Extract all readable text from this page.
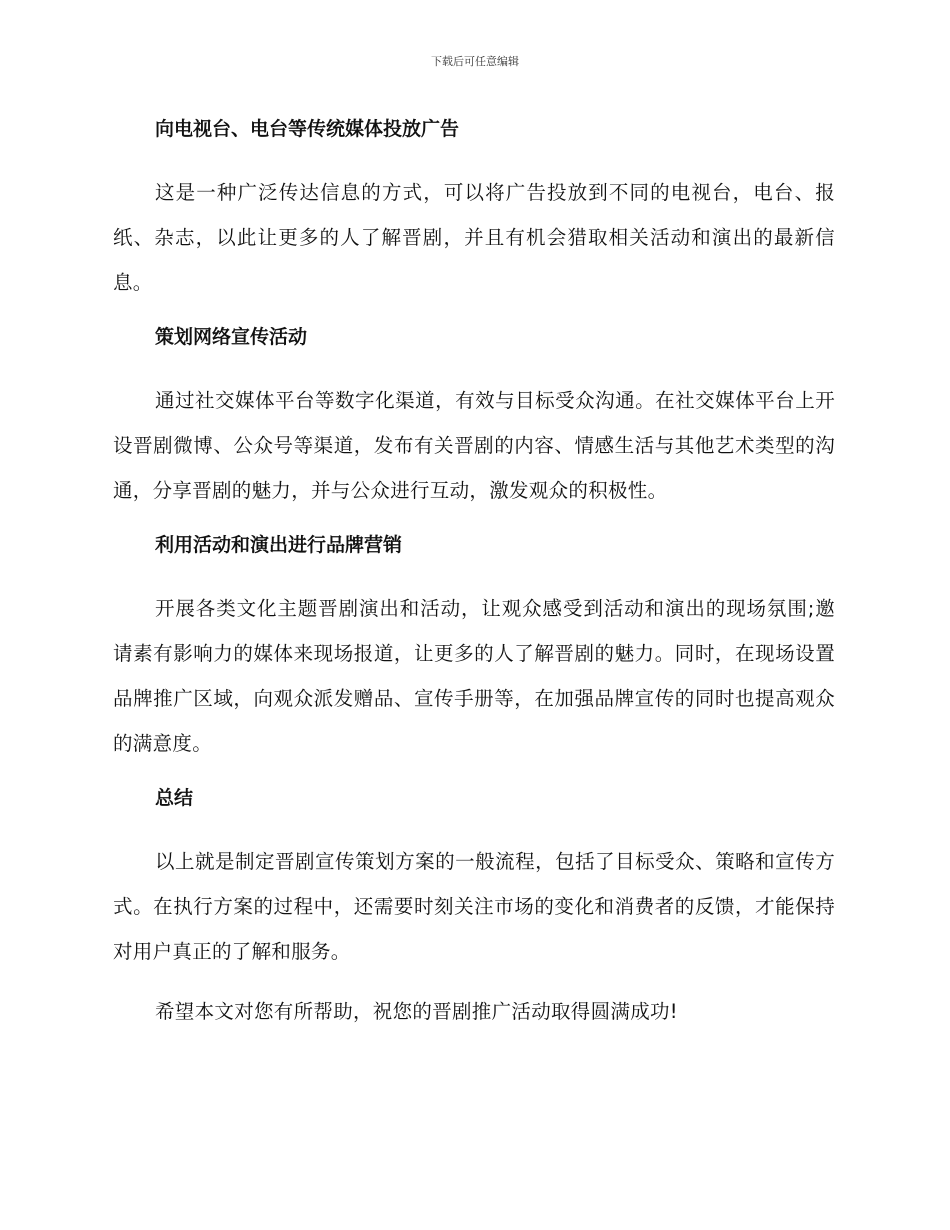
下载后可任意编辑
向电视台、电台等传统媒体投放广告

这是一种广泛传达信息的方式，可以将广告投放到不同的电视台，电台、报纸、杂志，以此让更多的人了解晋剧，并且有机会猎取相关活动和演出的最新信息。

策划网络宣传活动

通过社交媒体平台等数字化渠道，有效与目标受众沟通。在社交媒体平台上开设晋剧微博、公众号等渠道，发布有关晋剧的内容、情感生活与其他艺术类型的沟通，分享晋剧的魅力，并与公众进行互动，激发观众的积极性。

利用活动和演出进行品牌营销

开展各类文化主题晋剧演出和活动，让观众感受到活动和演出的现场氛围;邀请素有影响力的媒体来现场报道，让更多的人了解晋剧的魅力。同时，在现场设置品牌推广区域，向观众派发赠品、宣传手册等，在加强品牌宣传的同时也提高观众的满意度。

总结

以上就是制定晋剧宣传策划方案的一般流程，包括了目标受众、策略和宣传方式。在执行方案的过程中，还需要时刻关注市场的变化和消费者的反馈，才能保持对用户真正的了解和服务。

希望本文对您有所帮助，祝您的晋剧推广活动取得圆满成功!
